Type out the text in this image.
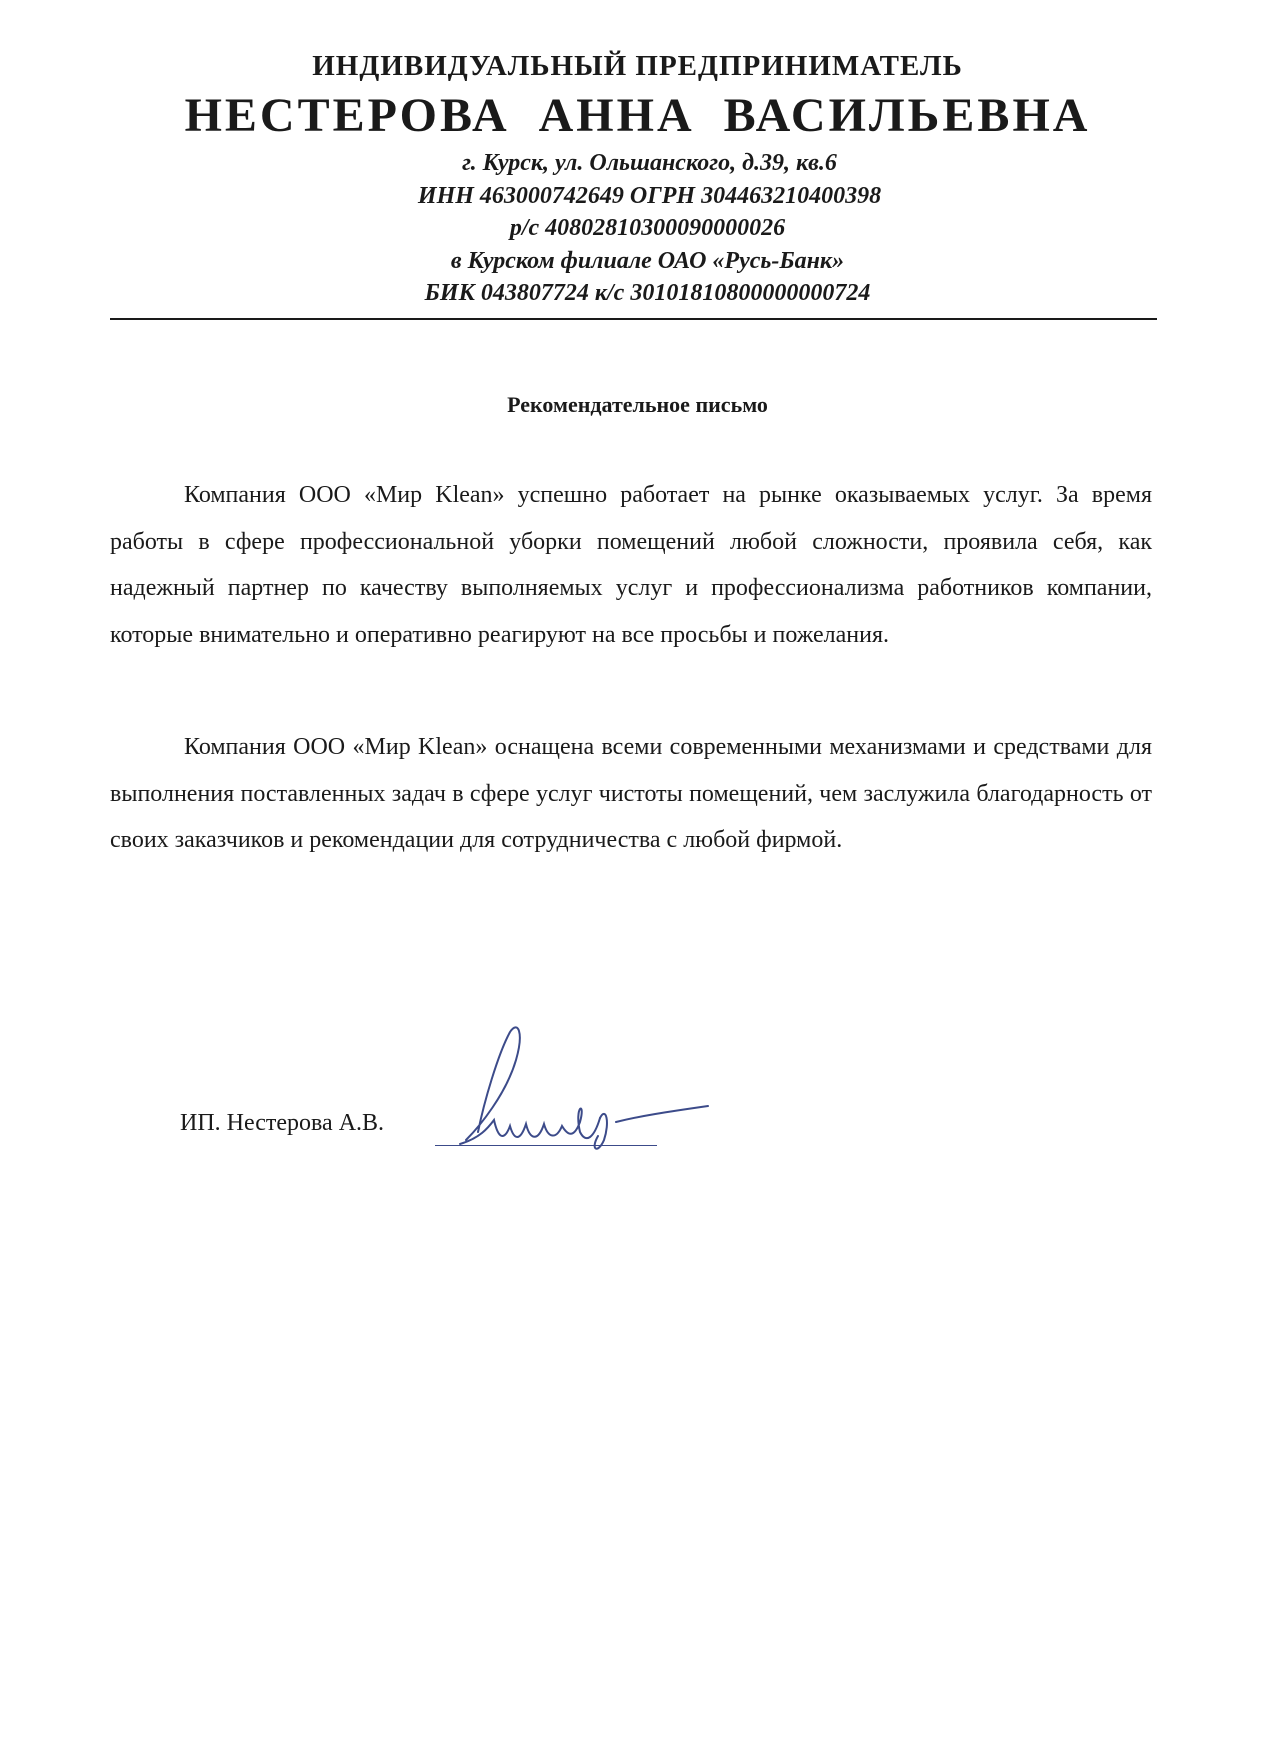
ИНДИВИДУАЛЬНЫЙ ПРЕДПРИНИМАТЕЛЬ
НЕСТЕРОВА АННА ВАСИЛЬЕВНА
г. Курск, ул. Ольшанского, д.39, кв.6
ИНН 463000742649 ОГРН 304463210400398
р/с 40802810300090000026
в Курском филиале ОАО «Русь-Банк»
БИК 043807724 к/с 30101810800000000724
Рекомендательное письмо

Компания ООО «Мир Klean» успешно работает на рынке оказываемых услуг. За время работы в сфере профессиональной уборки помещений любой сложности, проявила себя, как надежный партнер по качеству выполняемых услуг и профессионализма работников компании, которые внимательно и оперативно реагируют на все просьбы и пожелания.

Компания ООО «Мир Klean» оснащена всеми современными механизмами и средствами для выполнения поставленных задач в сфере услуг чистоты помещений, чем заслужила благодарность от своих заказчиков и рекомендации для сотрудничества с любой фирмой.

ИП. Нестерова А.В.
